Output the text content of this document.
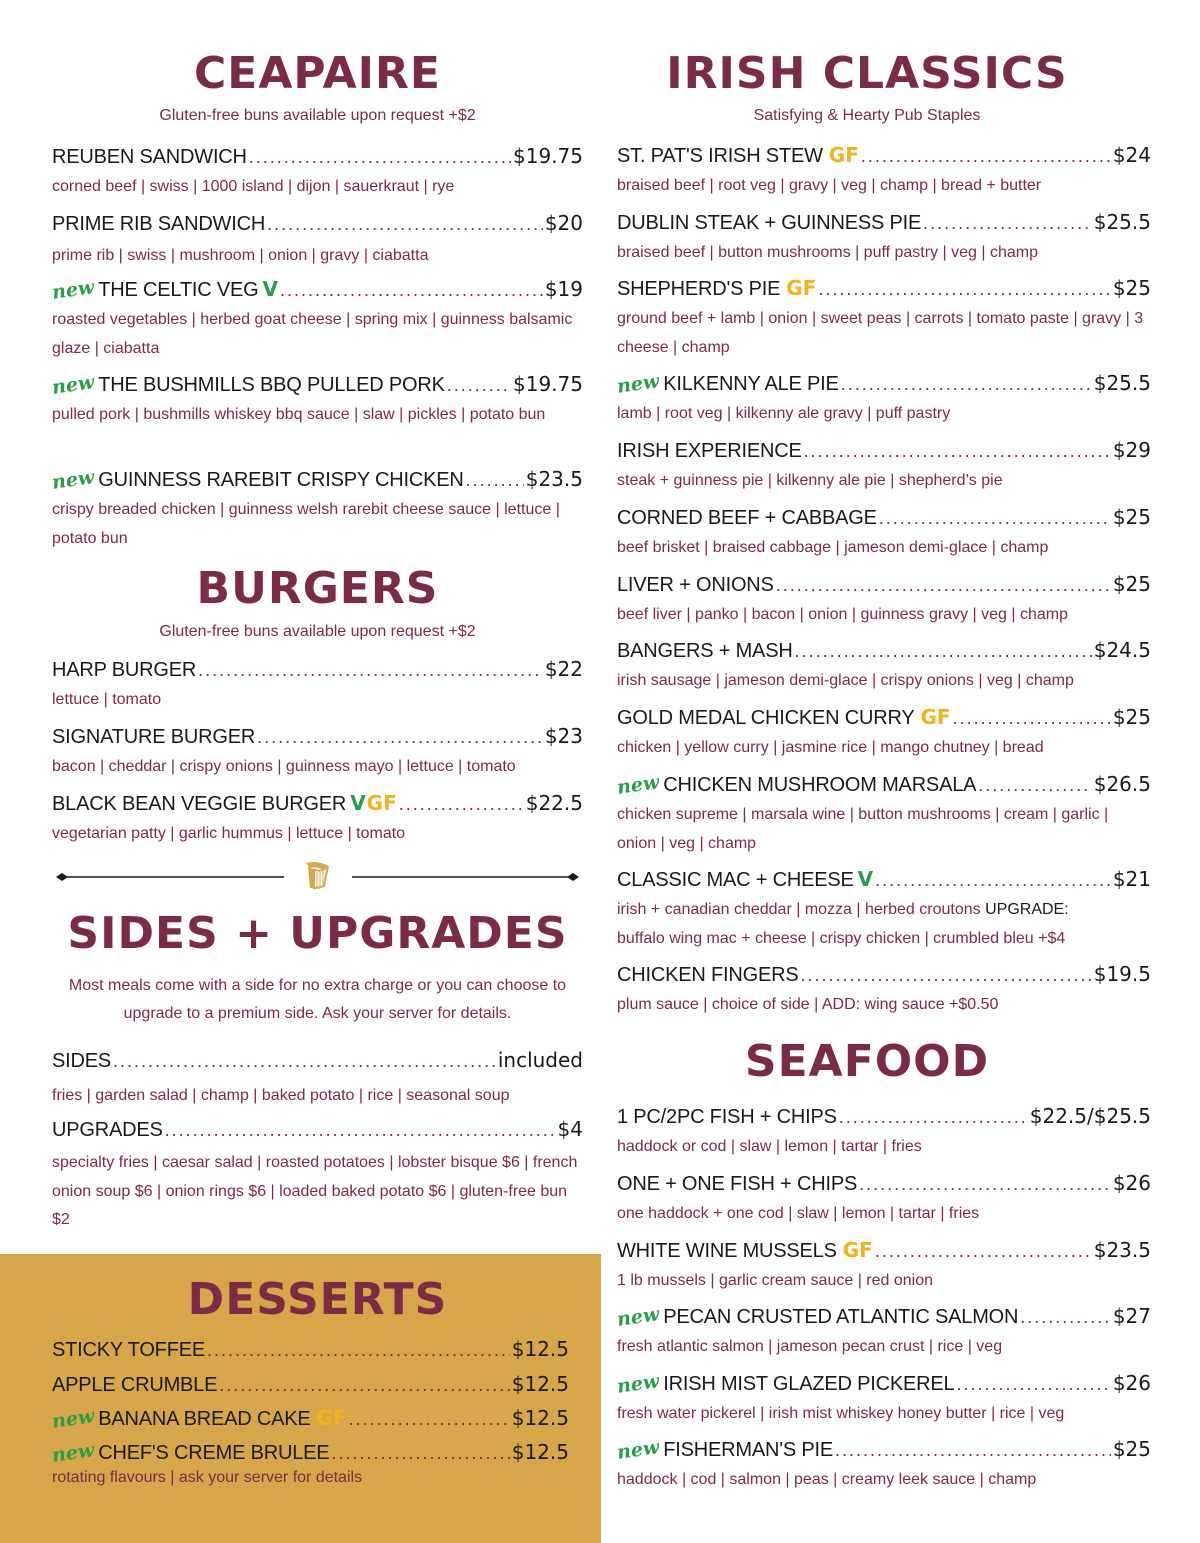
CEAPAIRE

Gluten-free buns available upon request +$2

REUBEN SANDWICH .....	$19.75
corned beef | swiss | 1000 island | dijon | sauerkraut | rye
PRIME RIB SANDWICH .....	$20
prime rib | swiss | mushroom | onion | gravy | ciabatta
new THE CELTIC VEG V .....	$19
roasted vegetables | herbed goat cheese | spring mix | guinness balsamic glaze | ciabatta
new THE BUSHMILLS BBQ PULLED PORK .....	$19.75
pulled pork | bushmills whiskey bbq sauce | slaw | pickles | potato bun
new GUINNESS RAREBIT CRISPY CHICKEN .....	$23.5
crispy breaded chicken | guinness welsh rarebit cheese sauce | lettuce | potato bun
BURGERS

Gluten-free buns available upon request +$2

HARP BURGER .....	$22
lettuce | tomato
SIGNATURE BURGER .....	$23
bacon | cheddar | crispy onions | guinness mayo | lettuce | tomato
BLACK BEAN VEGGIE BURGER V GF .....	$22.5
vegetarian patty | garlic hummus | lettuce | tomato
SIDES + UPGRADES

Most meals come with a side for no extra charge or you can choose to upgrade to a premium side. Ask your server for details.

SIDES .....	included
fries | garden salad | champ | baked potato | rice | seasonal soup
UPGRADES .....	$4
specialty fries | caesar salad | roasted potatoes | lobster bisque $6 | french onion soup $6 | onion rings $6 | loaded baked potato $6 | gluten-free bun $2
DESSERTS
STICKY TOFFEE .....	$12.5
APPLE CRUMBLE .....	$12.5
new BANANA BREAD CAKE GF .....	$12.5
new CHEF'S CREME BRULEE .....	$12.5
rotating flavours | ask your server for details
IRISH CLASSICS

Satisfying & Hearty Pub Staples

ST. PAT'S IRISH STEW GF .....	$24
braised beef | root veg | gravy | veg | champ | bread + butter
DUBLIN STEAK + GUINNESS PIE .....	$25.5
braised beef | button mushrooms | puff pastry | veg | champ
SHEPHERD'S PIE GF .....	$25
ground beef + lamb | onion | sweet peas | carrots | tomato paste | gravy | 3 cheese | champ
new KILKENNY ALE PIE .....	$25.5
lamb | root veg | kilkenny ale gravy | puff pastry
IRISH EXPERIENCE .....	$29
steak + guinness pie | kilkenny ale pie | shepherd’s pie
CORNED BEEF + CABBAGE .....	$25
beef brisket | braised cabbage | jameson demi-glace | champ
LIVER + ONIONS .....	$25
beef liver | panko | bacon | onion | guinness gravy | veg | champ
BANGERS + MASH .....	$24.5
irish sausage | jameson demi-glace | crispy onions | veg | champ
GOLD MEDAL CHICKEN CURRY GF .....	$25
chicken | yellow curry | jasmine rice | mango chutney | bread
new CHICKEN MUSHROOM MARSALA .....	$26.5
chicken supreme | marsala wine | button mushrooms | cream | garlic | onion | veg | champ
CLASSIC MAC + CHEESE V .....	$21
irish + canadian cheddar | mozza | herbed croutons UPGRADE:
buffalo wing mac + cheese | crispy chicken | crumbled bleu +$4
CHICKEN FINGERS .....	$19.5
plum sauce | choice of side | ADD: wing sauce +$0.50
SEAFOOD
1 PC/2PC FISH + CHIPS .....	$22.5/$25.5
haddock or cod | slaw | lemon | tartar | fries
ONE + ONE FISH + CHIPS .....	$26
one haddock + one cod | slaw | lemon | tartar | fries
WHITE WINE MUSSELS GF .....	$23.5
1 lb mussels | garlic cream sauce | red onion
new PECAN CRUSTED ATLANTIC SALMON .....	$27
fresh atlantic salmon | jameson pecan crust | rice | veg
new IRISH MIST GLAZED PICKEREL .....	$26
fresh water pickerel | irish mist whiskey honey butter | rice | veg
new FISHERMAN'S PIE .....	$25
haddock | cod | salmon | peas | creamy leek sauce | champ
